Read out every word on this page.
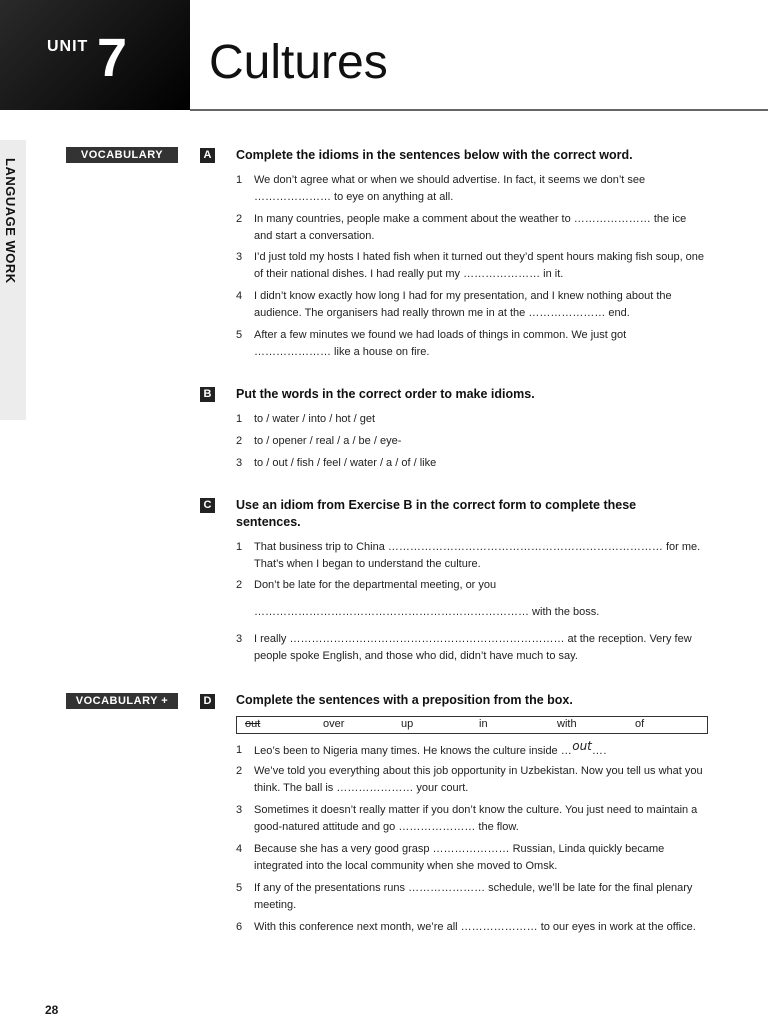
UNIT 7 Cultures
LANGUAGE WORK
VOCABULARY	A Complete the idioms in the sentences below with the correct word.
1	We don’t agree what or when we should advertise. In fact, it seems we don’t see ………………… to eye on anything at all.
2	In many countries, people make a comment about the weather to ………………… the ice and start a conversation.
3	I’d just told my hosts I hated fish when it turned out they’d spent hours making fish soup, one of their national dishes. I had really put my ………………… in it.
4	I didn’t know exactly how long I had for my presentation, and I knew nothing about the audience. The organisers had really thrown me in at the ………………… end.
5	After a few minutes we found we had loads of things in common. We just got ………………… like a house on fire.
B Put the words in the correct order to make idioms.
1	to / water / into / hot / get
2	to / opener / real / a / be / eye-
3	to / out / fish / feel / water / a / of / like
C Use an idiom from Exercise B in the correct form to complete these sentences.
1	That business trip to China ………………………………………………………………… for me. That’s when I began to understand the culture.
2	Don’t be late for the departmental meeting, or you
………………………………………………………………… with the boss.
3	I really ………………………………………………………………… at the reception. Very few people spoke English, and those who did, didn’t have much to say.
VOCABULARY +	D Complete the sentences with a preposition from the box.
out	over	up	in	with	of
1	Leo’s been to Nigeria many times. He knows the culture inside …out….
2	We’ve told you everything about this job opportunity in Uzbekistan. Now you tell us what you think. The ball is ………………… your court.
3	Sometimes it doesn’t really matter if you don’t know the culture. You just need to maintain a good-natured attitude and go ………………… the flow.
4	Because she has a very good grasp ………………… Russian, Linda quickly became integrated into the local community when she moved to Omsk.
5	If any of the presentations runs ………………… schedule, we’ll be late for the final plenary meeting.
6	With this conference next month, we’re all ………………… to our eyes in work at the office.
28
